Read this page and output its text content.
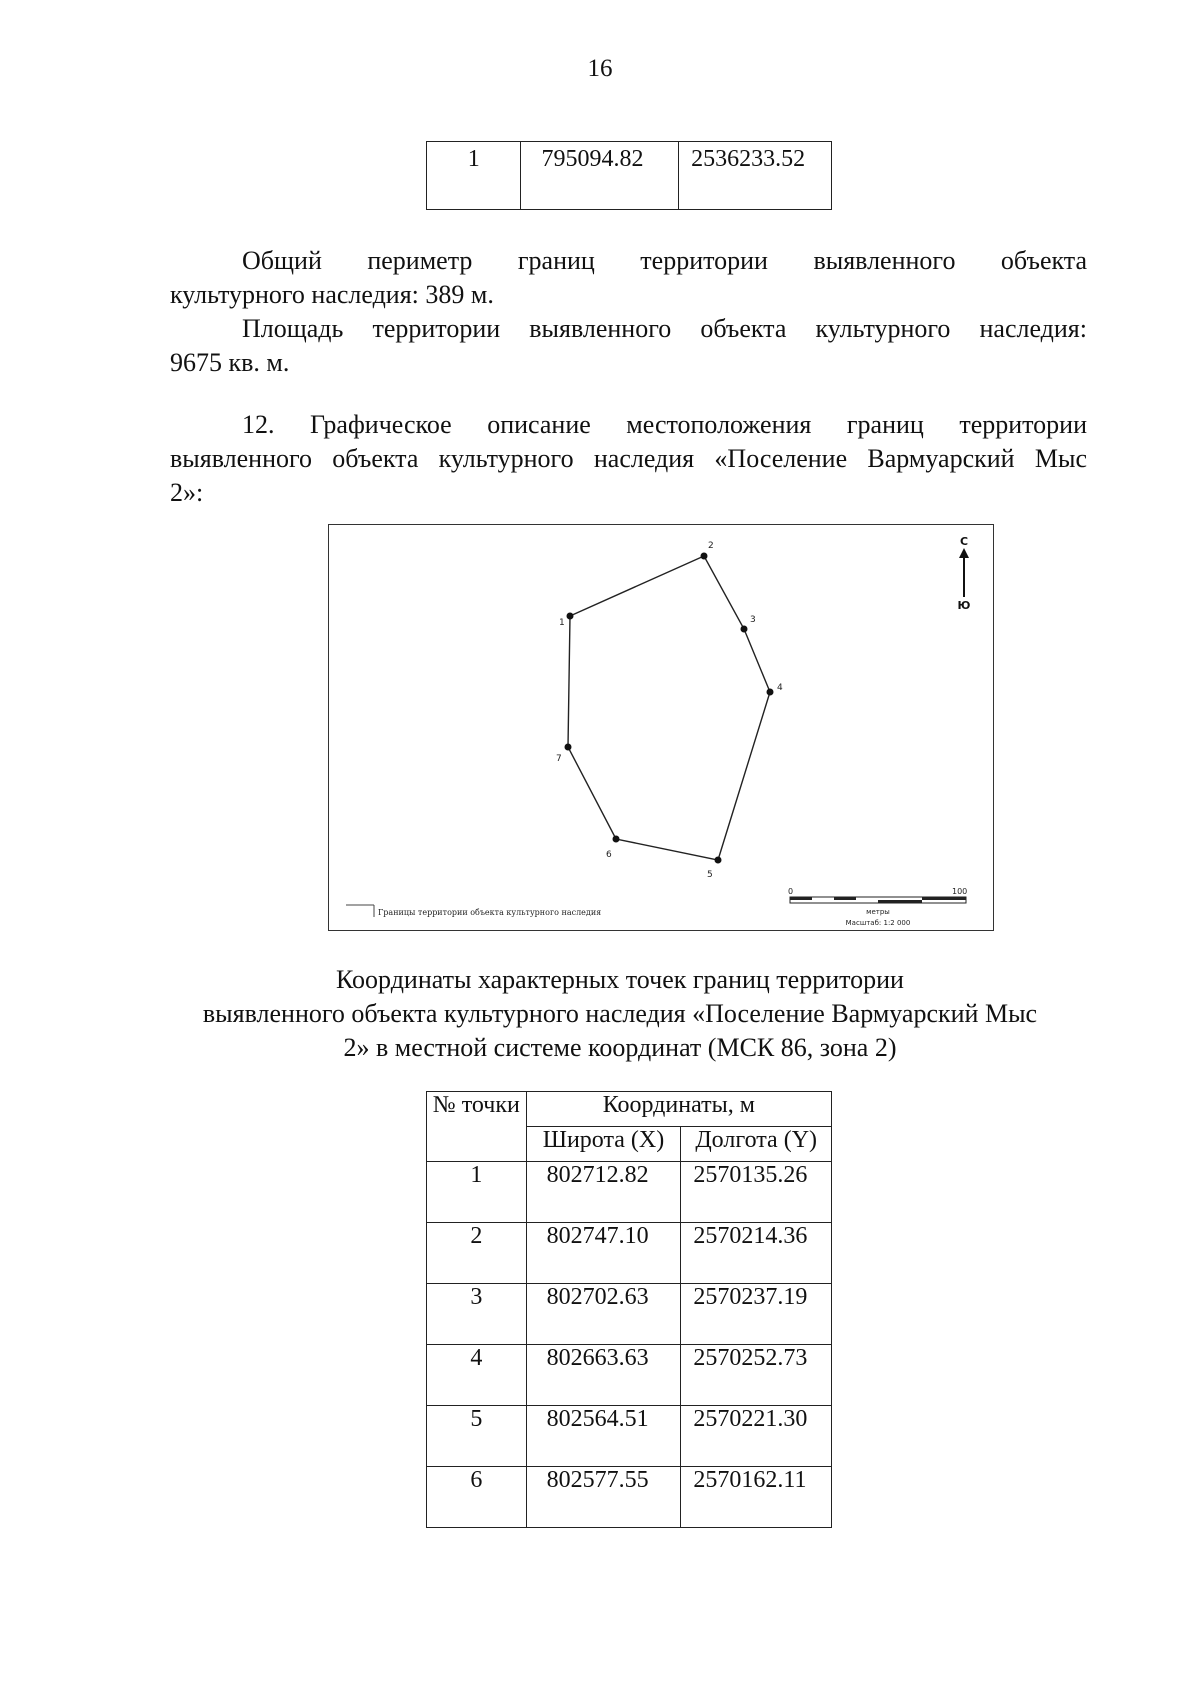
16
1	795094.82	2536233.52
Общий периметр границ территории выявленного объекта
культурного наследия: 389 м.
Площадь территории выявленного объекта культурного наследия:
9675 кв. м.
12. Графическое описание местоположения границ территории
выявленного объекта культурного наследия «Поселение Вармуарский Мыс
2»:
1
2
3
4
5
6
7
С
Ю
0	100
метры
Масштаб: 1:2 000
Границы территории объекта культурного наследия
Координаты характерных точек границ территории
выявленного объекта культурного наследия «Поселение Вармуарский Мыс
2» в местной системе координат (МСК 86, зона 2)
№ точки	Координаты, м	
	Широта (X)	Долгота (Y)
1	802712.82	2570135.26
2	802747.10	2570214.36
3	802702.63	2570237.19
4	802663.63	2570252.73
5	802564.51	2570221.30
6	802577.55	2570162.11
